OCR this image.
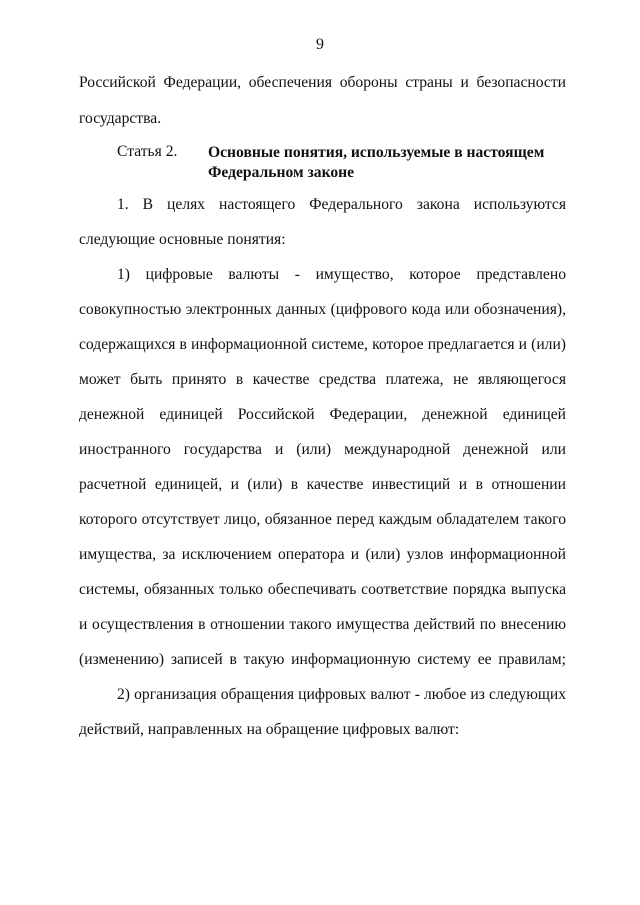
9
Российской Федерации, обеспечения обороны страны и безопасности
государства.
Статья 2. Основные понятия, используемые в настоящем
Федеральном законе
1. В целях настоящего Федерального закона используются
следующие основные понятия:
1) цифровые валюты - имущество, которое представлено
совокупностью электронных данных (цифрового кода или обозначения),
содержащихся в информационной системе, которое предлагается и (или)
может быть принято в качестве средства платежа, не являющегося
денежной единицей Российской Федерации, денежной единицей
иностранного государства и (или) международной денежной или
расчетной единицей, и (или) в качестве инвестиций и в отношении
которого отсутствует лицо, обязанное перед каждым обладателем такого
имущества, за исключением оператора и (или) узлов информационной
системы, обязанных только обеспечивать соответствие порядка выпуска
и осуществления в отношении такого имущества действий по внесению
(изменению) записей в такую информационную систему ее правилам;
2) организация обращения цифровых валют - любое из следующих
действий, направленных на обращение цифровых валют:
